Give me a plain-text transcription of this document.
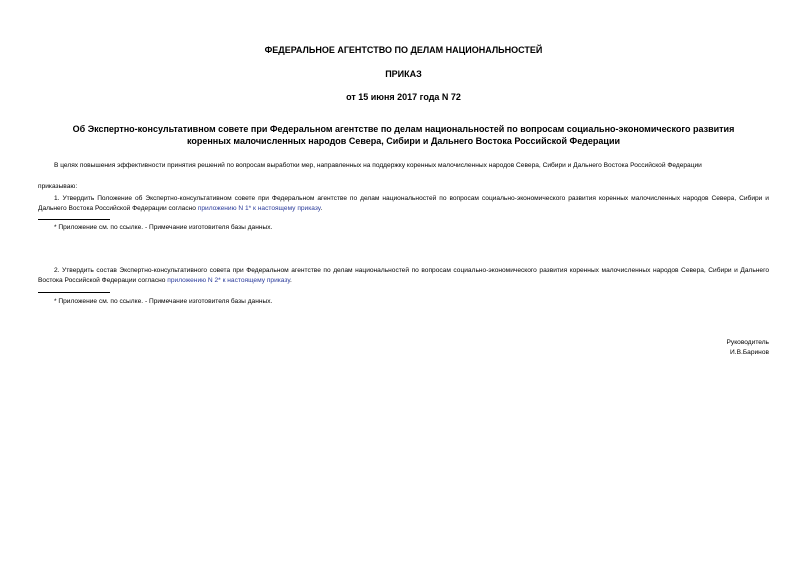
ФЕДЕРАЛЬНОЕ АГЕНТСТВО ПО ДЕЛАМ НАЦИОНАЛЬНОСТЕЙ
ПРИКАЗ
от 15 июня 2017 года N 72
Об Экспертно-консультативном совете при Федеральном агентстве по делам национальностей по вопросам социально-экономического развития коренных малочисленных народов Севера, Сибири и Дальнего Востока Российской Федерации
В целях повышения эффективности принятия решений по вопросам выработки мер, направленных на поддержку коренных малочисленных народов Севера, Сибири и Дальнего Востока Российской Федерации
приказываю:
1. Утвердить Положение об Экспертно-консультативном совете при Федеральном агентстве по делам национальностей по вопросам социально-экономического развития коренных малочисленных народов Севера, Сибири и Дальнего Востока Российской Федерации согласно приложению N 1* к настоящему приказу.
* Приложение см. по ссылке. - Примечание изготовителя базы данных.
2. Утвердить состав Экспертно-консультативного совета при Федеральном агентстве по делам национальностей по вопросам социально-экономического развития коренных малочисленных народов Севера, Сибири и Дальнего Востока Российской Федерации согласно приложению N 2* к настоящему приказу.
* Приложение см. по ссылке. - Примечание изготовителя базы данных.
Руководитель
И.В.Баринов
